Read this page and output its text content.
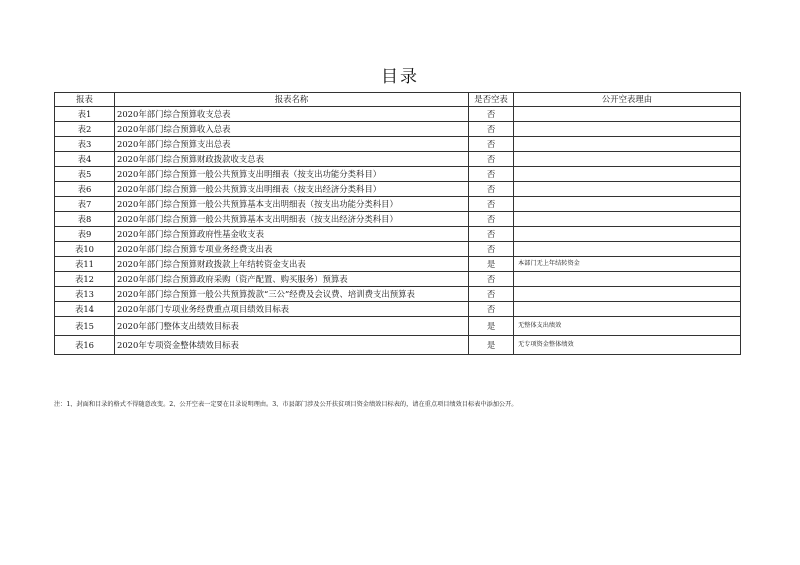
目录
报表	报表名称	是否空表	公开空表理由
表1	2020年部门综合预算收支总表	否	
表2	2020年部门综合预算收入总表	否	
表3	2020年部门综合预算支出总表	否	
表4	2020年部门综合预算财政拨款收支总表	否	
表5	2020年部门综合预算一般公共预算支出明细表（按支出功能分类科目）	否	
表6	2020年部门综合预算一般公共预算支出明细表（按支出经济分类科目）	否	
表7	2020年部门综合预算一般公共预算基本支出明细表（按支出功能分类科目）	否	
表8	2020年部门综合预算一般公共预算基本支出明细表（按支出经济分类科目）	否	
表9	2020年部门综合预算政府性基金收支表	否	
表10	2020年部门综合预算专项业务经费支出表	否	
表11	2020年部门综合预算财政拨款上年结转资金支出表	是	本部门无上年结转资金
表12	2020年部门综合预算政府采购（资产配置、购买服务）预算表	否	
表13	2020年部门综合预算一般公共预算拨款“三公”经费及会议费、培训费支出预算表	否	
表14	2020年部门专项业务经费重点项目绩效目标表	否	
表15	2020年部门整体支出绩效目标表	是	无整体支出绩效
表16	2020年专项资金整体绩效目标表	是	无专项资金整体绩效
注：1、封面和目录的格式不得随意改变。2、公开空表一定要在目录说明理由。3、市县部门涉及公开扶贫项目资金绩效目标表的，请在重点项目绩效目标表中添加公开。
